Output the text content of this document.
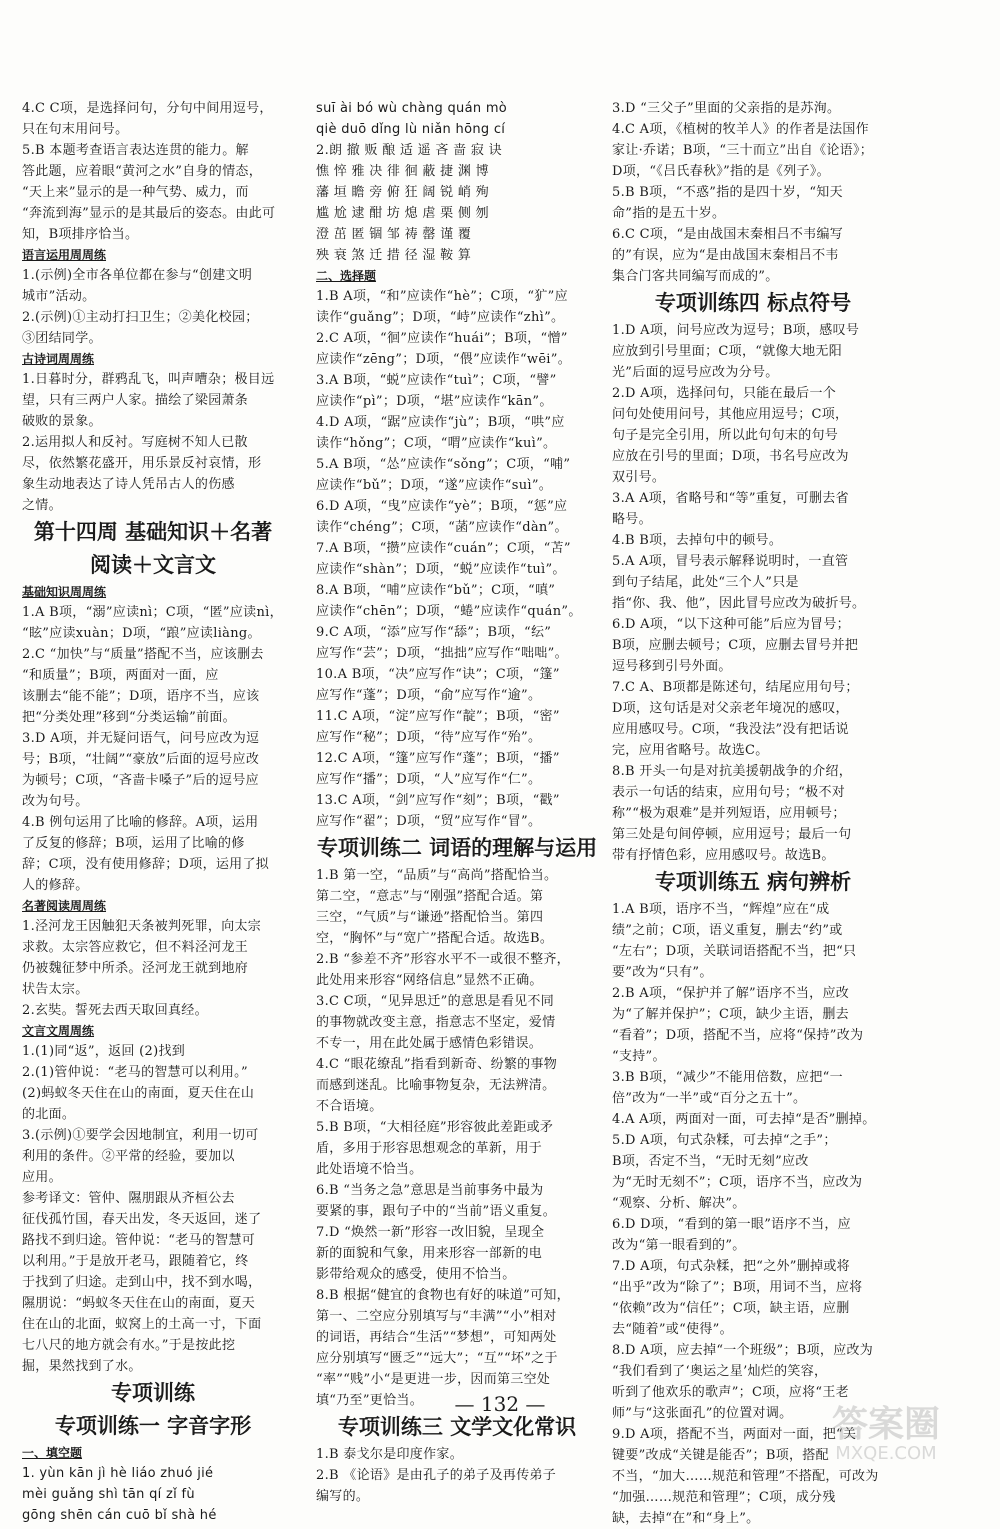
4.C C项，是选择问句，分句中间用逗号，
只在句末用问号。
5.B 本题考查语言表达连贯的能力。解
答此题，应着眼“黄河之水”自身的情态，
“天上来”显示的是一种气势、威力，而
“奔流到海”显示的是其最后的姿态。由此可
知，B项排序恰当。
语言运用周周练
1.(示例)全市各单位都在参与“创建文明
城市”活动。
2.(示例)①主动打扫卫生；②美化校园；
③团结同学。
古诗词周周练
1.日暮时分，群鸦乱飞，叫声嘈杂；极目远
望，只有三两户人家。描绘了梁园萧条
破败的景象。
2.运用拟人和反衬。写庭树不知人已散
尽，依然繁花盛开，用乐景反衬哀情，形
象生动地表达了诗人凭吊古人的伤感
之情。
第十四周 基础知识＋名著
阅读＋文言文
基础知识周周练
1.A B项，“溺”应读nì；C项，“匿”应读nì，
“眩”应读xuàn；D项，“踉”应读liàng。
2.C “加快”与“质量”搭配不当，应该删去
“和质量”；B项，两面对一面，应
该删去“能不能”；D项，语序不当，应该
把“分类处理”移到“分类运输”前面。
3.D A项，并无疑问语气，问号应改为逗
号；B项，“壮阔”“豪放”后面的逗号应改
为顿号；C项，“吝啬卡嗓子”后的逗号应
改为句号。
4.B 例句运用了比喻的修辞。A项，运用
了反复的修辞；B项，运用了比喻的修
辞；C项，没有使用修辞；D项，运用了拟
人的修辞。
名著阅读周周练
1.泾河龙王因触犯天条被判死罪，向太宗
求救。太宗答应救它，但不料泾河龙王
仍被魏征梦中所杀。泾河龙王就到地府
状告太宗。
2.玄奘。誓死去西天取回真经。
文言文周周练
1.(1)同“返”，返回 (2)找到
2.(1)管仲说：“老马的智慧可以利用。”
(2)蚂蚁冬天住在山的南面，夏天住在山
的北面。
3.(示例)①要学会因地制宜，利用一切可
利用的条件。②平常的经验，要加以
应用。
参考译文：管仲、隰朋跟从齐桓公去
征伐孤竹国，春天出发，冬天返回，迷了
路找不到归途。管仲说：“老马的智慧可
以利用。”于是放开老马，跟随着它，终
于找到了归途。走到山中，找不到水喝，
隰朋说：“蚂蚁冬天住在山的南面，夏天
住在山的北面，蚁窝上的土高一寸，下面
七八尺的地方就会有水。”于是按此挖
掘，果然找到了水。
专项训练
专项训练一 字音字形
一、填空题
1. yùn kān jì hè liáo zhuó jié
mèi guǎng shì tān qí zǐ fù
gōng shēn cán cuō bǐ shà hé
suī ài bó wù chàng quán mò
qiè duō dǐng lù niǎn hōng cí
2.朗 撤 贩 酿 适 遥 吝 啬 寂 诀
憔 悴 雅 决 徘 徊 蔽 捷 渊 博
藩 垣 瞻 旁 俯 狂 阔 锐 峭 殉
尴 尬 逮 酣 坊 熄 虐 栗 侧 刎
澄 茁 匿 锢 邹 祷 罄 谨 覆
殃 衰 煞 迁 措 径 湿 鞍 算
二、选择题
1.B A项，“和”应读作“hè”；C项，“犷”应
读作“guǎng”；D项，“峙”应读作“zhì”。
2.C A项，“徊”应读作“huái”；B项，“憎”
应读作“zēng”；D项，“偎”应读作“wēi”。
3.A B项，“蜕”应读作“tuì”；C项，“譬”
应读作“pì”；D项，“堪”应读作“kān”。
4.D A项，“踞”应读作“jù”；B项，“哄”应
读作“hǒng”；C项，“喟”应读作“kuì”。
5.A B项，“怂”应读作“sǒng”；C项，“哺”
应读作“bǔ”；D项，“遂”应读作“suì”。
6.D A项，“曳”应读作“yè”；B项，“惩”应
读作“chéng”；C项，“菡”应读作“dàn”。
7.A B项，“攒”应读作“cuán”；C项，“苫”
应读作“shàn”；D项，“蜕”应读作“tuì”。
8.A B项，“哺”应读作“bǔ”；C项，“嗔”
应读作“chēn”；D项，“蜷”应读作“quán”。
9.C A项，“添”应写作“舔”；B项，“纭”
应写作“芸”；D项，“拙拙”应写作“咄咄”。
10.A B项，“决”应写作“诀”；C项，“篷”
应写作“蓬”；D项，“俞”应写作“逾”。
11.C A项，“淀”应写作“靛”；B项，“密”
应写作“秘”；D项，“待”应写作“殆”。
12.C A项，“篷”应写作“蓬”；B项，“播”
应写作“播”；D项，“人”应写作“仁”。
13.C A项，“剑”应写作“刻”；B项，“戳”
应写作“翟”；D项，“贸”应写作“冒”。
专项训练二 词语的理解与运用
1.B 第一空，“品质”与“高尚”搭配恰当。
第二空，“意志”与“刚强”搭配合适。第
三空，“气质”与“谦逊”搭配恰当。第四
空，“胸怀”与“宽广”搭配合适。故选B。
2.B “参差不齐”形容水平不一或很不整齐，
此处用来形容“网络信息”显然不正确。
3.C C项，“见异思迁”的意思是看见不同
的事物就改变主意，指意志不坚定，爱情
不专一，用在此处属于感情色彩错误。
4.C “眼花缭乱”指看到新奇、纷繁的事物
而感到迷乱。比喻事物复杂，无法辨清。
不合语境。
5.B B项，“大相径庭”形容彼此差距或矛
盾，多用于形容思想观念的革新，用于
此处语境不恰当。
6.B “当务之急”意思是当前事务中最为
要紧的事，跟句子中的“当前”语义重复。
7.D “焕然一新”形容一改旧貌，呈现全
新的面貌和气象，用来形容一部新的电
影带给观众的感受，使用不恰当。
8.B 根据“健宜的食物也有好的味道”可知，
第一、二空应分别填写与“丰满”“小”相对
的词语，再结合“生活”“梦想”，可知两处
应分别填写“匮乏”“远大”；“互”“坏”之于
“率”“贱”小“是更进一步，因而第三空处
填“乃至”更恰当。
专项训练三 文学文化常识
1.B 泰戈尔是印度作家。
2.B 《论语》是由孔子的弟子及再传弟子
编写的。
3.D “三父子”里面的父亲指的是苏洵。
4.C A项，《植树的牧羊人》的作者是法国作
家让·乔诺；B项，“三十而立”出自《论语》；
D项，“《吕氏春秋》”指的是《列子》。
5.B B项，“不惑”指的是四十岁，“知天
命”指的是五十岁。
6.C C项，“是由战国末秦相吕不韦编写
的”有误，应为“是由战国末秦相吕不韦
集合门客共同编写而成的”。
专项训练四 标点符号
1.D A项，问号应改为逗号；B项，感叹号
应放到引号里面；C项，“就像大地无阳
光”后面的逗号应改为分号。
2.D A项，选择问句，只能在最后一个
问句处使用问号，其他应用逗号；C项，
句子是完全引用，所以此句句末的句号
应放在引号的里面；D项，书名号应改为
双引号。
3.A A项，省略号和“等”重复，可删去省
略号。
4.B B项，去掉句中的顿号。
5.A A项，冒号表示解释说明时，一直管
到句子结尾，此处“三个人”只是
指“你、我、他”，因此冒号应改为破折号。
6.D A项，“以下这种可能”后应为冒号；
B项，应删去顿号；C项，应删去冒号并把
逗号移到引号外面。
7.C A、B项都是陈述句，结尾应用句号；
D项，这句话是对父亲老年境况的感叹，
应用感叹号。C项，“我没法”没有把话说
完，应用省略号。故选C。
8.B 开头一句是对抗美援朝战争的介绍，
表示一句话的结束，应用句号；“极不对
称”“极为艰难”是并列短语，应用顿号；
第三处是句间停顿，应用逗号；最后一句
带有抒情色彩，应用感叹号。故选B。
专项训练五 病句辨析
1.A B项，语序不当，“辉煌”应在“成
绩”之前；C项，语义重复，删去“约”或
“左右”；D项，关联词语搭配不当，把“只
要”改为“只有”。
2.B A项，“保护并了解”语序不当，应改
为“了解并保护”；C项，缺少主语，删去
“看着”；D项，搭配不当，应将“保持”改为
“支持”。
3.B B项，“减少”不能用倍数，应把“一
倍”改为“一半”或“百分之五十”。
4.A A项，两面对一面，可去掉“是否”删掉。
5.D A项，句式杂糅，可去掉“之手”；
B项，否定不当，“无时无刻”应改
为“无时无刻不”；C项，语序不当，应改为
“观察、分析、解决”。
6.D D项，“看到的第一眼”语序不当，应
改为“第一眼看到的”。
7.D A项，句式杂糅，把“之外”删掉或将
“出乎”改为“除了”；B项，用词不当，应将
“依赖”改为“信任”；C项，缺主语，应删
去“随着”或“使得”。
8.D A项，应去掉“一个班级”；B项，应改为
“我们看到了‘奥运之星’灿烂的笑容，
听到了他欢乐的歌声”；C项，应将“王老
师”与“这张面孔”的位置对调。
9.D A项，搭配不当，两面对一面，把“关
键要”改成“关键是能否”；B项，搭配
不当，“加大……规范和管理”不搭配，可改为
“加强……规范和管理”；C项，成分残
缺，去掉“在”和“身上”。
— 132 —	答案圈
MXQE.COM
